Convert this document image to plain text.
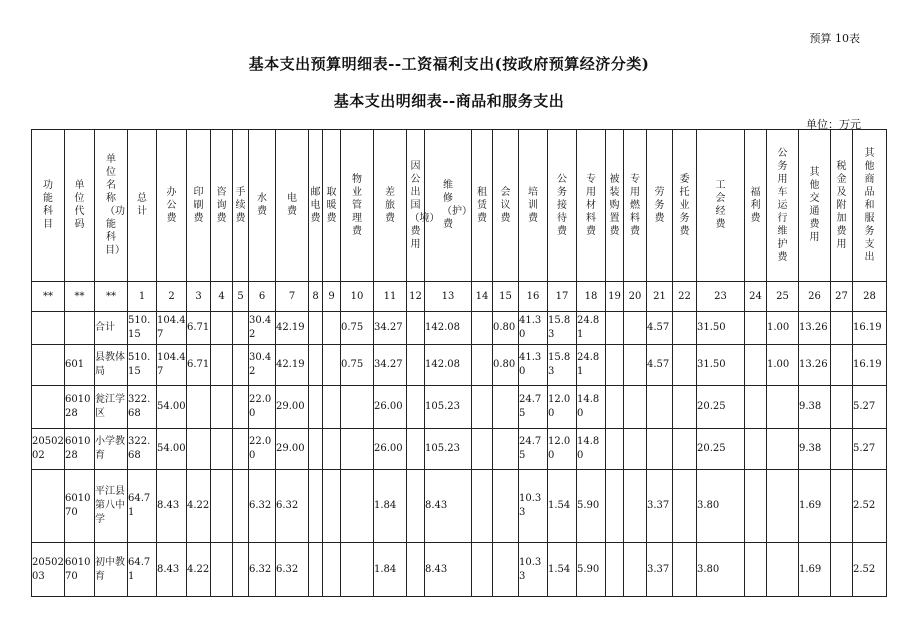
预算 10表
基本支出预算明细表--工资福利支出(按政府预算经济分类)
基本支出明细表--商品和服务支出
单位：万元
功能科目	单位代码	单位名称（功能科目）	总计	办公费	印刷费	咨询费	手续费	水费	电费	邮电费	取暖费	物业管理费	差旅费	因公出国（境）费用	维修（护）费	租赁费	会议费	培训费	公务接待费	专用材料费	被装购置费	专用燃料费	劳务费	委托业务费	工会经费	福利费	公务用车运行维护费	其他交通费用	税金及附加费用	其他商品和服务支出
**	**	**	1	2	3	4	5	6	7	8	9	10	11	12	13	14	15	16	17	18	19	20	21	22	23	24	25	26	27	28
		合计	510.15	104.47	6.71			30.42	42.19			0.75	34.27		142.08		0.80	41.30	15.83	24.81			4.57		31.50		1.00	13.26		16.19
	601	县教体局	510.15	104.47	6.71			30.42	42.19			0.75	34.27		142.08		0.80	41.30	15.83	24.81			4.57		31.50		1.00	13.26		16.19
	601028	瓮江学区	322.68	54.00				22.00	29.00				26.00		105.23			24.75	12.00	14.80					20.25			9.38		5.27
2050202	601028	小学教育	322.68	54.00				22.00	29.00				26.00		105.23			24.75	12.00	14.80					20.25			9.38		5.27
	601070	平江县第八中学	64.71	8.43	4.22			6.32	6.32				1.84		8.43			10.33	1.54	5.90			3.37		3.80			1.69		2.52
2050203	601070	初中教育	64.71	8.43	4.22			6.32	6.32				1.84		8.43			10.33	1.54	5.90			3.37		3.80			1.69		2.52
